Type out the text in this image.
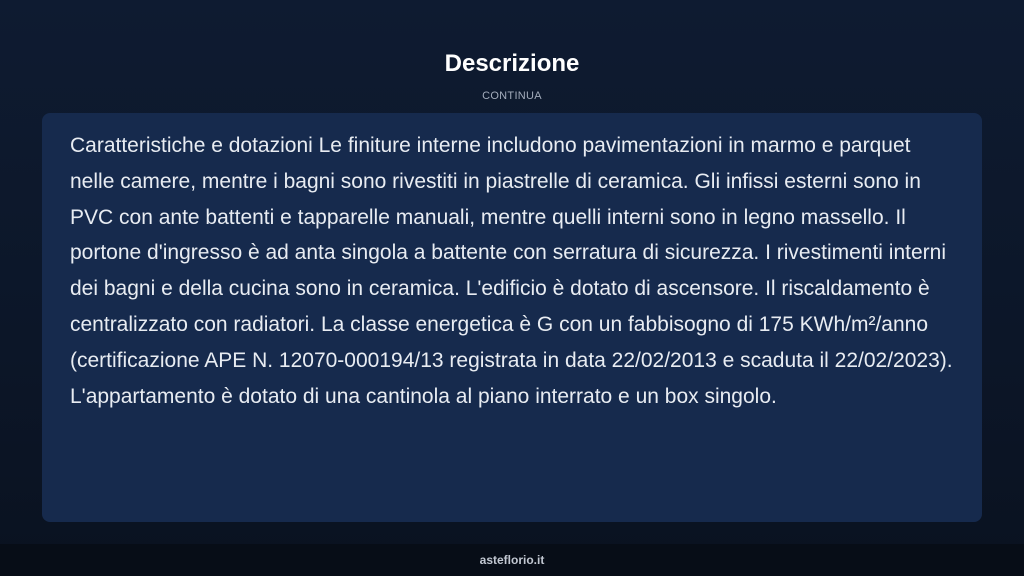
Descrizione
CONTINUA

Caratteristiche e dotazioni Le finiture interne includono pavimentazioni in marmo e parquet nelle camere, mentre i bagni sono rivestiti in piastrelle di ceramica. Gli infissi esterni sono in PVC con ante battenti e tapparelle manuali, mentre quelli interni sono in legno massello. Il portone d'ingresso è ad anta singola a battente con serratura di sicurezza. I rivestimenti interni dei bagni e della cucina sono in ceramica. L'edificio è dotato di ascensore. Il riscaldamento è centralizzato con radiatori. La classe energetica è G con un fabbisogno di 175 KWh/m²/anno (certificazione APE N. 12070-000194/13 registrata in data 22/02/2013 e scaduta il 22/02/2023). L'appartamento è dotato di una cantinola al piano interrato e un box singolo.

asteflorio.it
